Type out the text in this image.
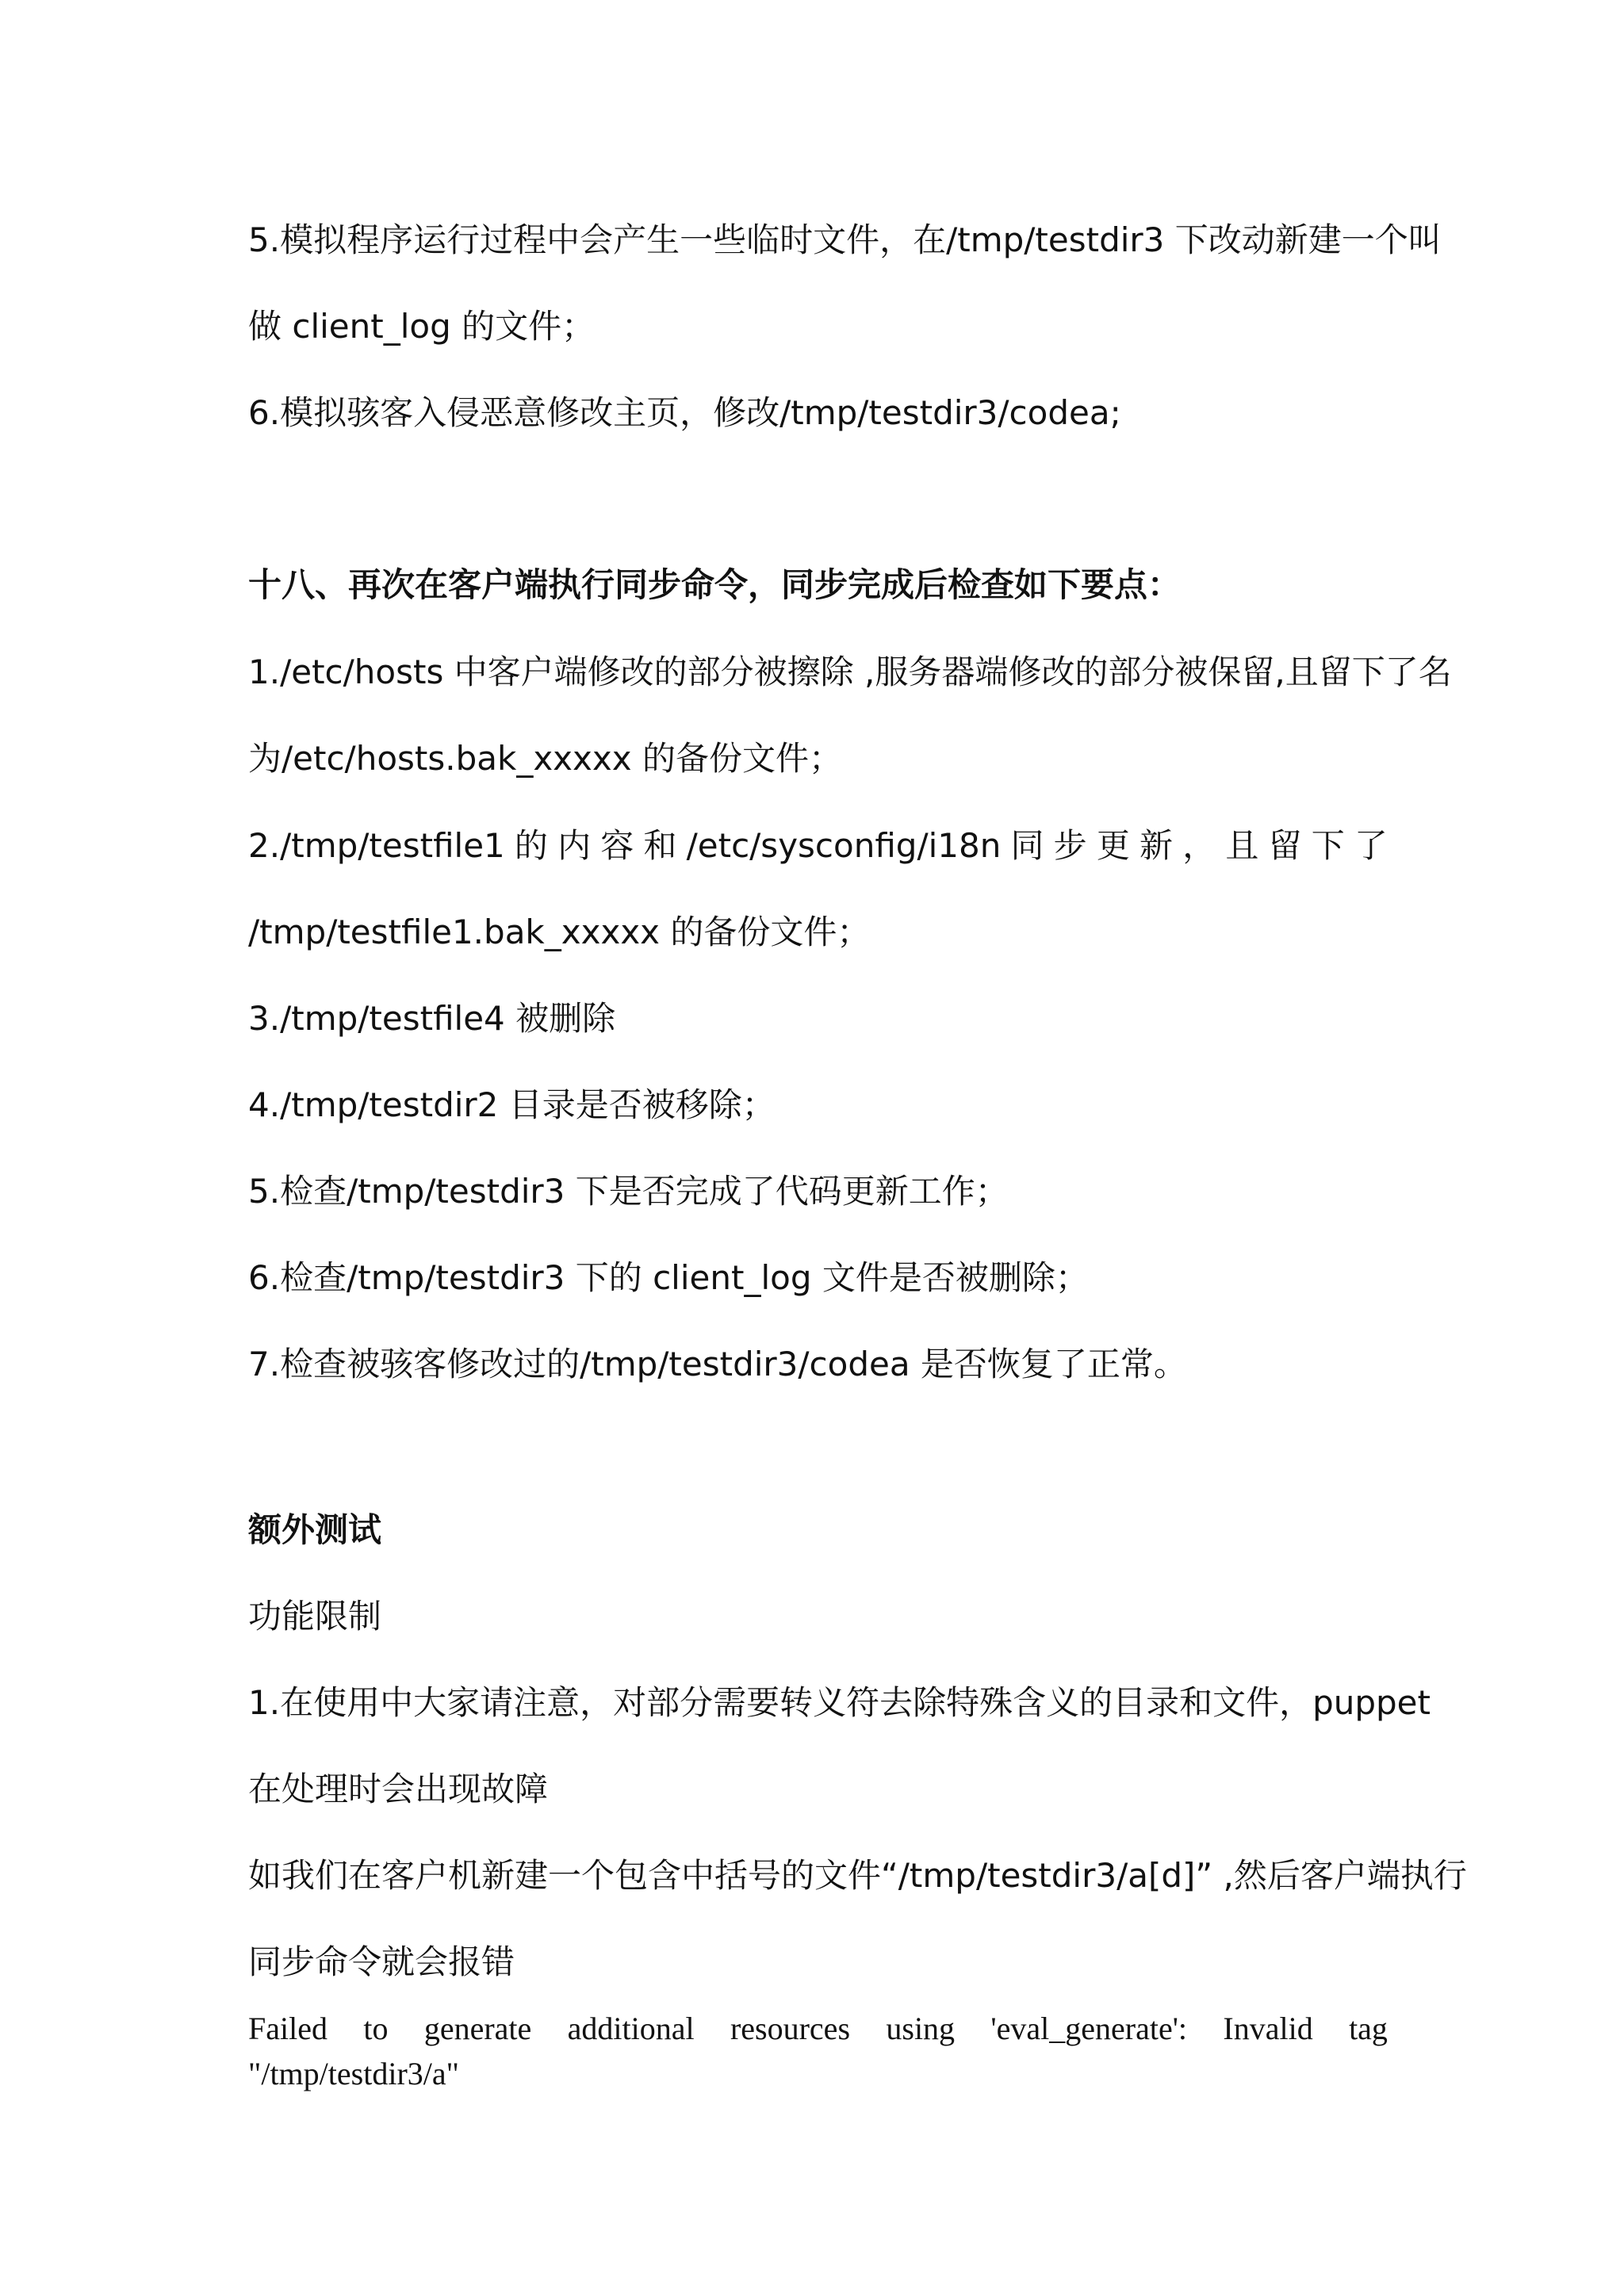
5.模拟程序运行过程中会产生一些临时文件，在/tmp/testdir3 下改动新建一个叫
做 client_log 的文件；
6.模拟骇客入侵恶意修改主页，修改/tmp/testdir3/codea;
十八、再次在客户端执行同步命令，同步完成后检查如下要点：
1./etc/hosts 中客户端修改的部分被擦除 ,服务器端修改的部分被保留,且留下了名
为/etc/hosts.bak_xxxxx 的备份文件；
2./tmp/testfile1 的 内 容 和 /etc/sysconfig/i18n 同 步 更 新 ， 且 留 下 了
/tmp/testfile1.bak_xxxxx 的备份文件；
3./tmp/testfile4 被删除
4./tmp/testdir2 目录是否被移除；
5.检查/tmp/testdir3 下是否完成了代码更新工作；
6.检查/tmp/testdir3 下的 client_log 文件是否被删除；
7.检查被骇客修改过的/tmp/testdir3/codea 是否恢复了正常。
额外测试
功能限制
1.在使用中大家请注意，对部分需要转义符去除特殊含义的目录和文件，puppet
在处理时会出现故障
如我们在客户机新建一个包含中括号的文件“/tmp/testdir3/a[d]” ,然后客户端执行
同步命令就会报错
Failed to generate additional resources using 'eval_generate': Invalid tag
"/tmp/testdir3/a"
